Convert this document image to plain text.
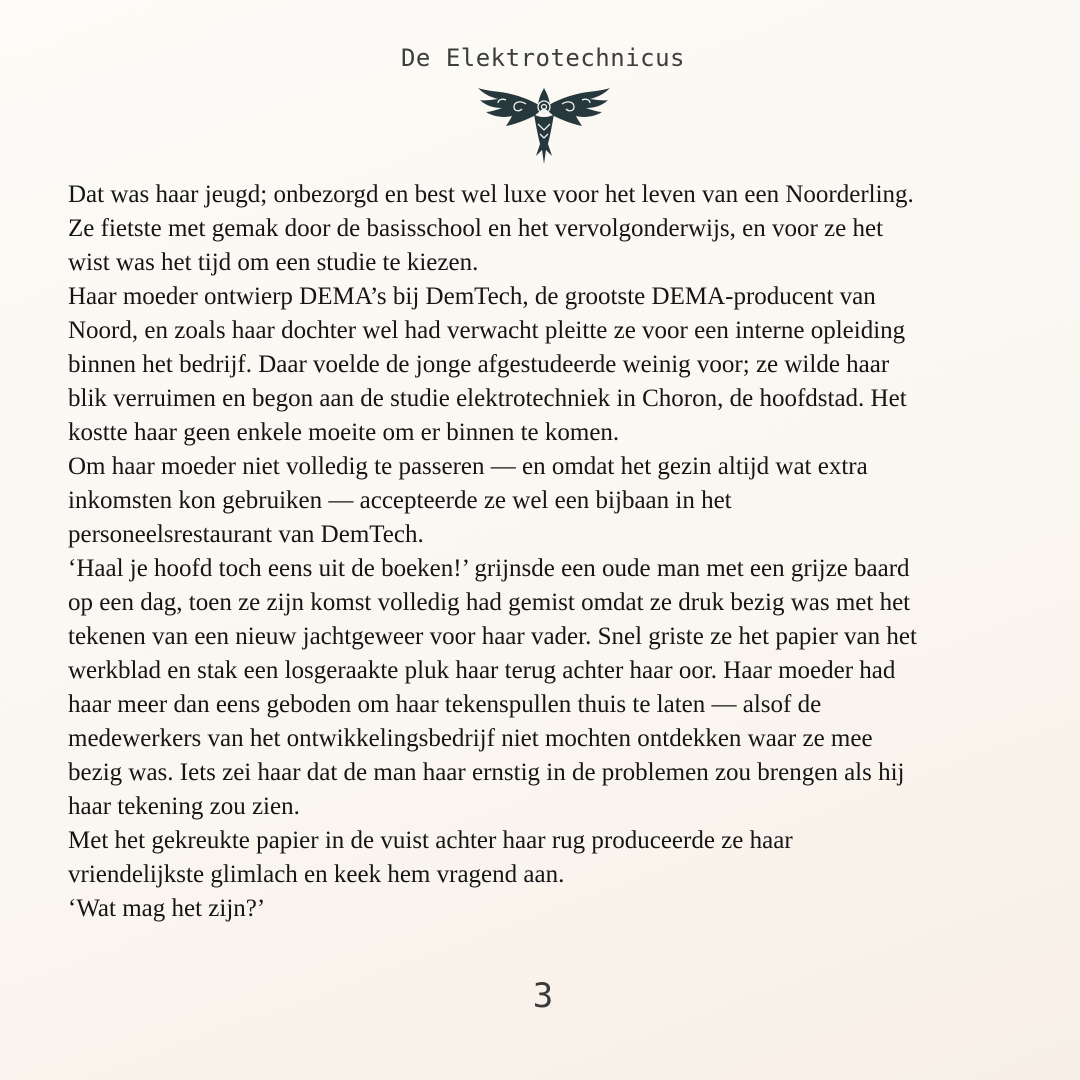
De Elektrotechnicus
Dat was haar jeugd; onbezorgd en best wel luxe voor het leven van een Noorderling.
Ze fietste met gemak door de basisschool en het vervolgonderwijs, en voor ze het
wist was het tijd om een studie te kiezen.
Haar moeder ontwierp DEMA’s bij DemTech, de grootste DEMA-producent van
Noord, en zoals haar dochter wel had verwacht pleitte ze voor een interne opleiding
binnen het bedrijf. Daar voelde de jonge afgestudeerde weinig voor; ze wilde haar
blik verruimen en begon aan de studie elektrotechniek in Choron, de hoofdstad. Het
kostte haar geen enkele moeite om er binnen te komen.
Om haar moeder niet volledig te passeren — en omdat het gezin altijd wat extra
inkomsten kon gebruiken — accepteerde ze wel een bijbaan in het
personeelsrestaurant van DemTech.
‘Haal je hoofd toch eens uit de boeken!’ grijnsde een oude man met een grijze baard
op een dag, toen ze zijn komst volledig had gemist omdat ze druk bezig was met het
tekenen van een nieuw jachtgeweer voor haar vader. Snel griste ze het papier van het
werkblad en stak een losgeraakte pluk haar terug achter haar oor. Haar moeder had
haar meer dan eens geboden om haar tekenspullen thuis te laten — alsof de
medewerkers van het ontwikkelingsbedrijf niet mochten ontdekken waar ze mee
bezig was. Iets zei haar dat de man haar ernstig in de problemen zou brengen als hij
haar tekening zou zien.
Met het gekreukte papier in de vuist achter haar rug produceerde ze haar
vriendelijkste glimlach en keek hem vragend aan.
‘Wat mag het zijn?’
3
